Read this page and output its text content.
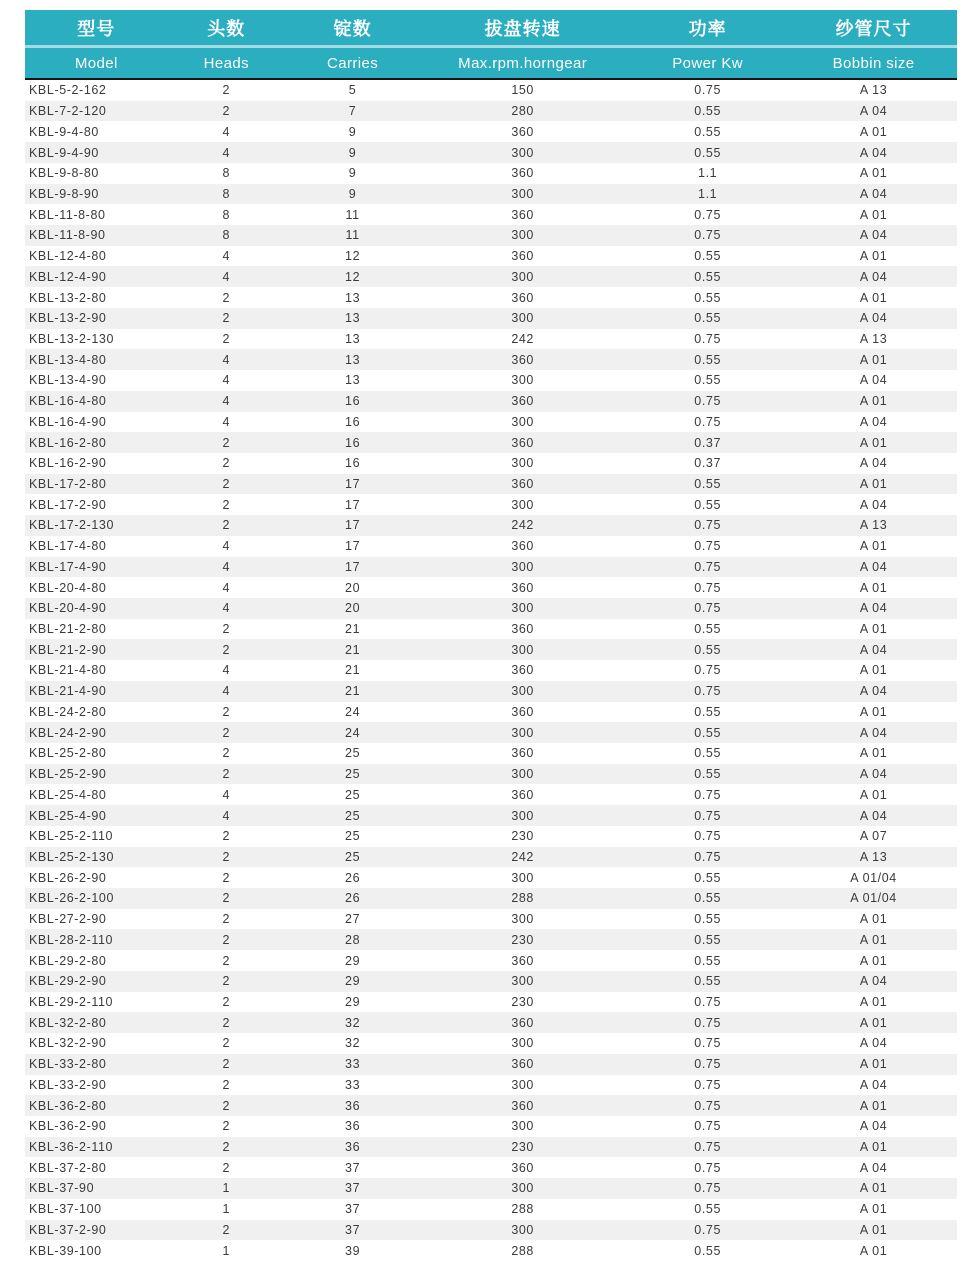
型号	头数	锭数	拔盘转速	功率	纱管尺寸
Model	Heads	Carries	Max.rpm.horngear	Power Kw	Bobbin size
KBL-5-2-162	2	5	150	0.75	A 13
KBL-7-2-120	2	7	280	0.55	A 04
KBL-9-4-80	4	9	360	0.55	A 01
KBL-9-4-90	4	9	300	0.55	A 04
KBL-9-8-80	8	9	360	1.1	A 01
KBL-9-8-90	8	9	300	1.1	A 04
KBL-11-8-80	8	11	360	0.75	A 01
KBL-11-8-90	8	11	300	0.75	A 04
KBL-12-4-80	4	12	360	0.55	A 01
KBL-12-4-90	4	12	300	0.55	A 04
KBL-13-2-80	2	13	360	0.55	A 01
KBL-13-2-90	2	13	300	0.55	A 04
KBL-13-2-130	2	13	242	0.75	A 13
KBL-13-4-80	4	13	360	0.55	A 01
KBL-13-4-90	4	13	300	0.55	A 04
KBL-16-4-80	4	16	360	0.75	A 01
KBL-16-4-90	4	16	300	0.75	A 04
KBL-16-2-80	2	16	360	0.37	A 01
KBL-16-2-90	2	16	300	0.37	A 04
KBL-17-2-80	2	17	360	0.55	A 01
KBL-17-2-90	2	17	300	0.55	A 04
KBL-17-2-130	2	17	242	0.75	A 13
KBL-17-4-80	4	17	360	0.75	A 01
KBL-17-4-90	4	17	300	0.75	A 04
KBL-20-4-80	4	20	360	0.75	A 01
KBL-20-4-90	4	20	300	0.75	A 04
KBL-21-2-80	2	21	360	0.55	A 01
KBL-21-2-90	2	21	300	0.55	A 04
KBL-21-4-80	4	21	360	0.75	A 01
KBL-21-4-90	4	21	300	0.75	A 04
KBL-24-2-80	2	24	360	0.55	A 01
KBL-24-2-90	2	24	300	0.55	A 04
KBL-25-2-80	2	25	360	0.55	A 01
KBL-25-2-90	2	25	300	0.55	A 04
KBL-25-4-80	4	25	360	0.75	A 01
KBL-25-4-90	4	25	300	0.75	A 04
KBL-25-2-110	2	25	230	0.75	A 07
KBL-25-2-130	2	25	242	0.75	A 13
KBL-26-2-90	2	26	300	0.55	A 01/04
KBL-26-2-100	2	26	288	0.55	A 01/04
KBL-27-2-90	2	27	300	0.55	A 01
KBL-28-2-110	2	28	230	0.55	A 01
KBL-29-2-80	2	29	360	0.55	A 01
KBL-29-2-90	2	29	300	0.55	A 04
KBL-29-2-110	2	29	230	0.75	A 01
KBL-32-2-80	2	32	360	0.75	A 01
KBL-32-2-90	2	32	300	0.75	A 04
KBL-33-2-80	2	33	360	0.75	A 01
KBL-33-2-90	2	33	300	0.75	A 04
KBL-36-2-80	2	36	360	0.75	A 01
KBL-36-2-90	2	36	300	0.75	A 04
KBL-36-2-110	2	36	230	0.75	A 01
KBL-37-2-80	2	37	360	0.75	A 04
KBL-37-90	1	37	300	0.75	A 01
KBL-37-100	1	37	288	0.55	A 01
KBL-37-2-90	2	37	300	0.75	A 01
KBL-39-100	1	39	288	0.55	A 01
